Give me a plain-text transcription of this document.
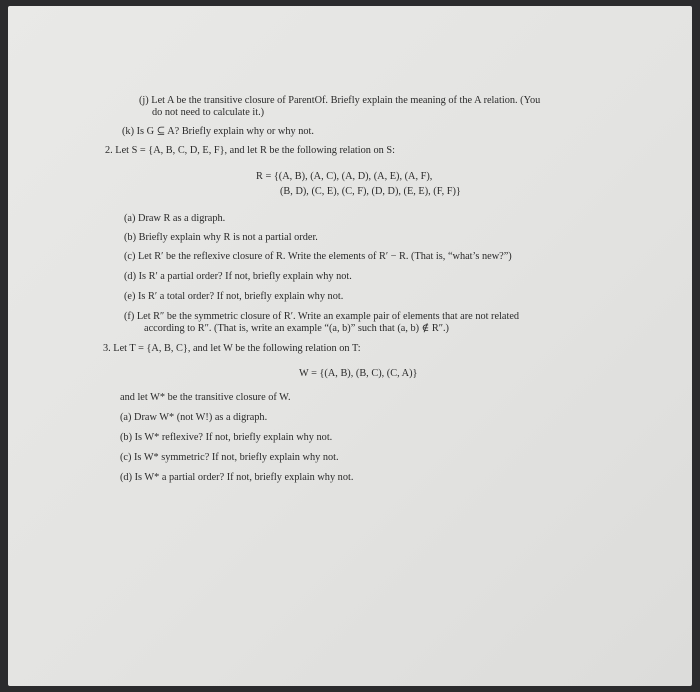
(j) Let A be the transitive closure of ParentOf. Briefly explain the meaning of the A relation. (You
do not need to calculate it.)
(k) Is G ⊆ A? Briefly explain why or why not.
2. Let S = {A, B, C, D, E, F}, and let R be the following relation on S:
R = {(A, B), (A, C), (A, D), (A, E), (A, F),
(B, D), (C, E), (C, F), (D, D), (E, E), (F, F)}
(a) Draw R as a digraph.
(b) Briefly explain why R is not a partial order.
(c) Let R′ be the reflexive closure of R. Write the elements of R′ − R. (That is, “what’s new?”)
(d) Is R′ a partial order? If not, briefly explain why not.
(e) Is R′ a total order? If not, briefly explain why not.
(f) Let R″ be the symmetric closure of R′. Write an example pair of elements that are not related
according to R″. (That is, write an example “(a, b)” such that (a, b) ∉ R″.)
3. Let T = {A, B, C}, and let W be the following relation on T:
W = {(A, B), (B, C), (C, A)}
and let W* be the transitive closure of W.
(a) Draw W* (not W!) as a digraph.
(b) Is W* reflexive? If not, briefly explain why not.
(c) Is W* symmetric? If not, briefly explain why not.
(d) Is W* a partial order? If not, briefly explain why not.
